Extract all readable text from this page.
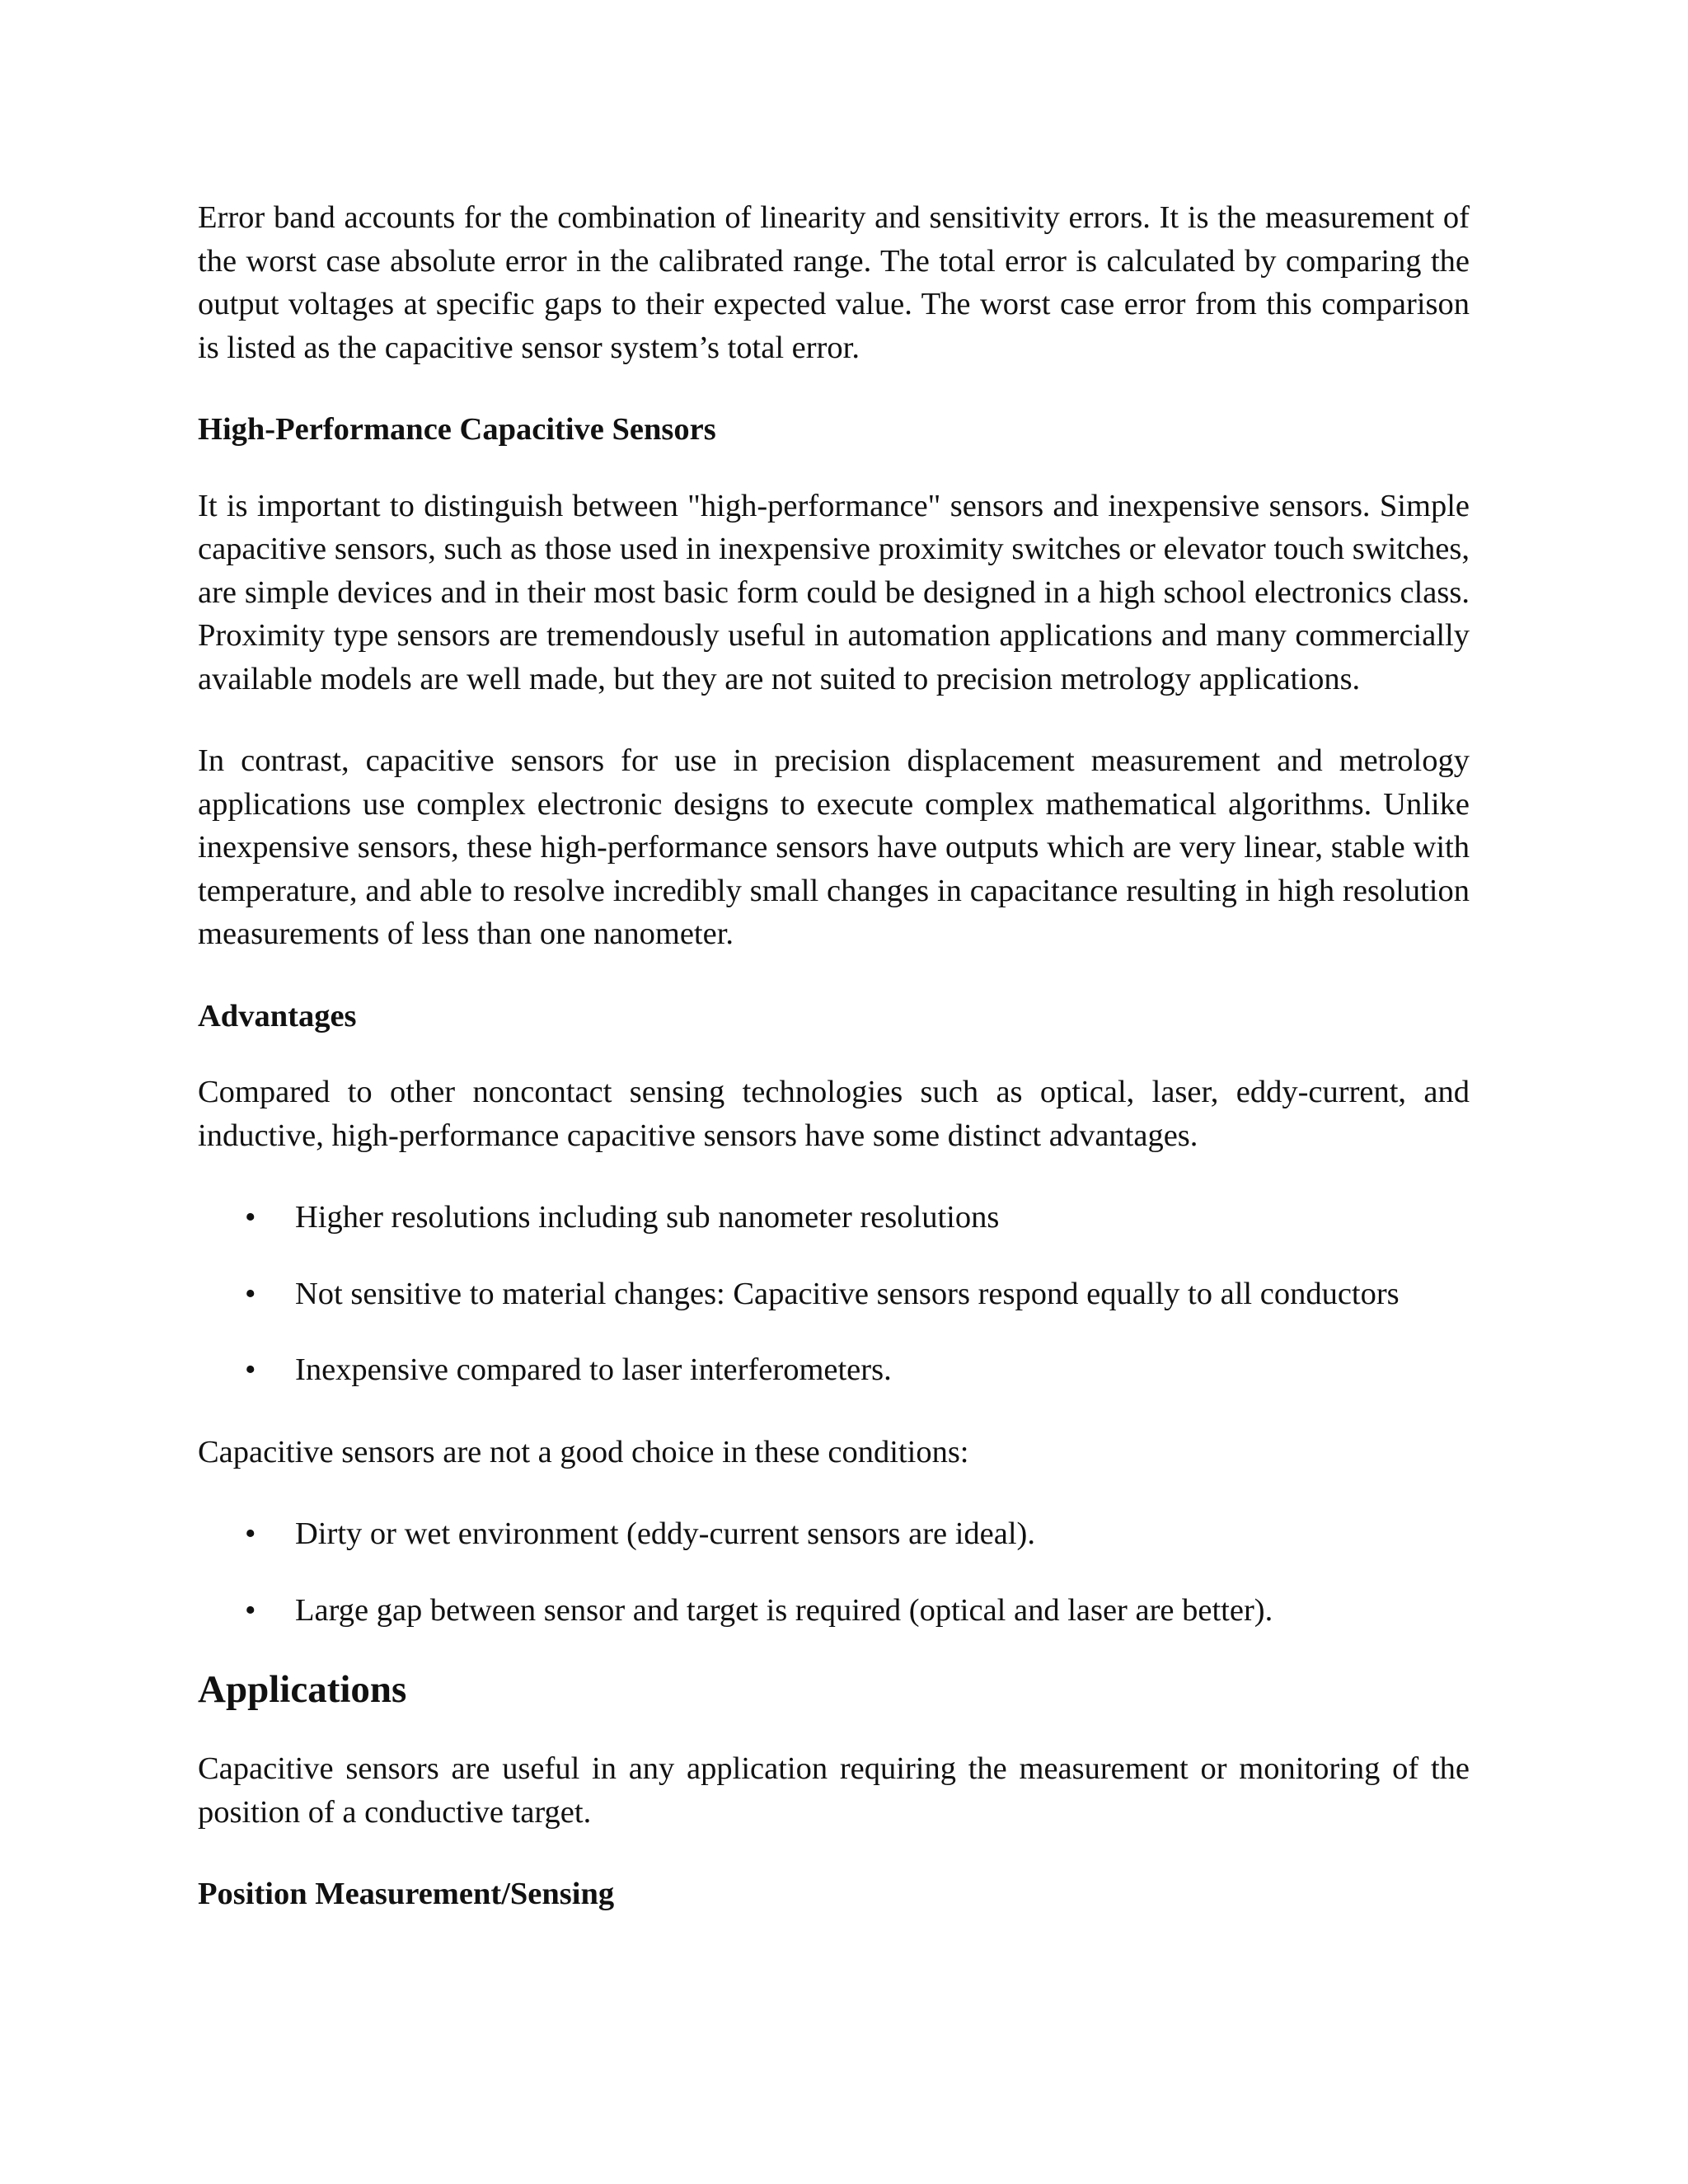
Error band accounts for the combination of linearity and sensitivity errors. It is the measurement of the worst case absolute error in the calibrated range. The total error is calculated by comparing the output voltages at specific gaps to their expected value. The worst case error from this comparison is listed as the capacitive sensor system’s total error.

High-Performance Capacitive Sensors

It is important to distinguish between "high-performance" sensors and inexpensive sensors. Simple capacitive sensors, such as those used in inexpensive proximity switches or elevator touch switches, are simple devices and in their most basic form could be designed in a high school electronics class. Proximity type sensors are tremendously useful in automation applications and many commercially available models are well made, but they are not suited to precision metrology applications.

In contrast, capacitive sensors for use in precision displacement measurement and metrology applications use complex electronic designs to execute complex mathematical algorithms. Unlike inexpensive sensors, these high-performance sensors have outputs which are very linear, stable with temperature, and able to resolve incredibly small changes in capacitance resulting in high resolution measurements of less than one nanometer.

Advantages

Compared to other noncontact sensing technologies such as optical, laser, eddy-current, and inductive, high-performance capacitive sensors have some distinct advantages.

• Higher resolutions including sub nanometer resolutions
• Not sensitive to material changes: Capacitive sensors respond equally to all conductors
• Inexpensive compared to laser interferometers.

Capacitive sensors are not a good choice in these conditions:

• Dirty or wet environment (eddy-current sensors are ideal).
• Large gap between sensor and target is required (optical and laser are better).
Applications

Capacitive sensors are useful in any application requiring the measurement or monitoring of the position of a conductive target.

Position Measurement/Sensing
